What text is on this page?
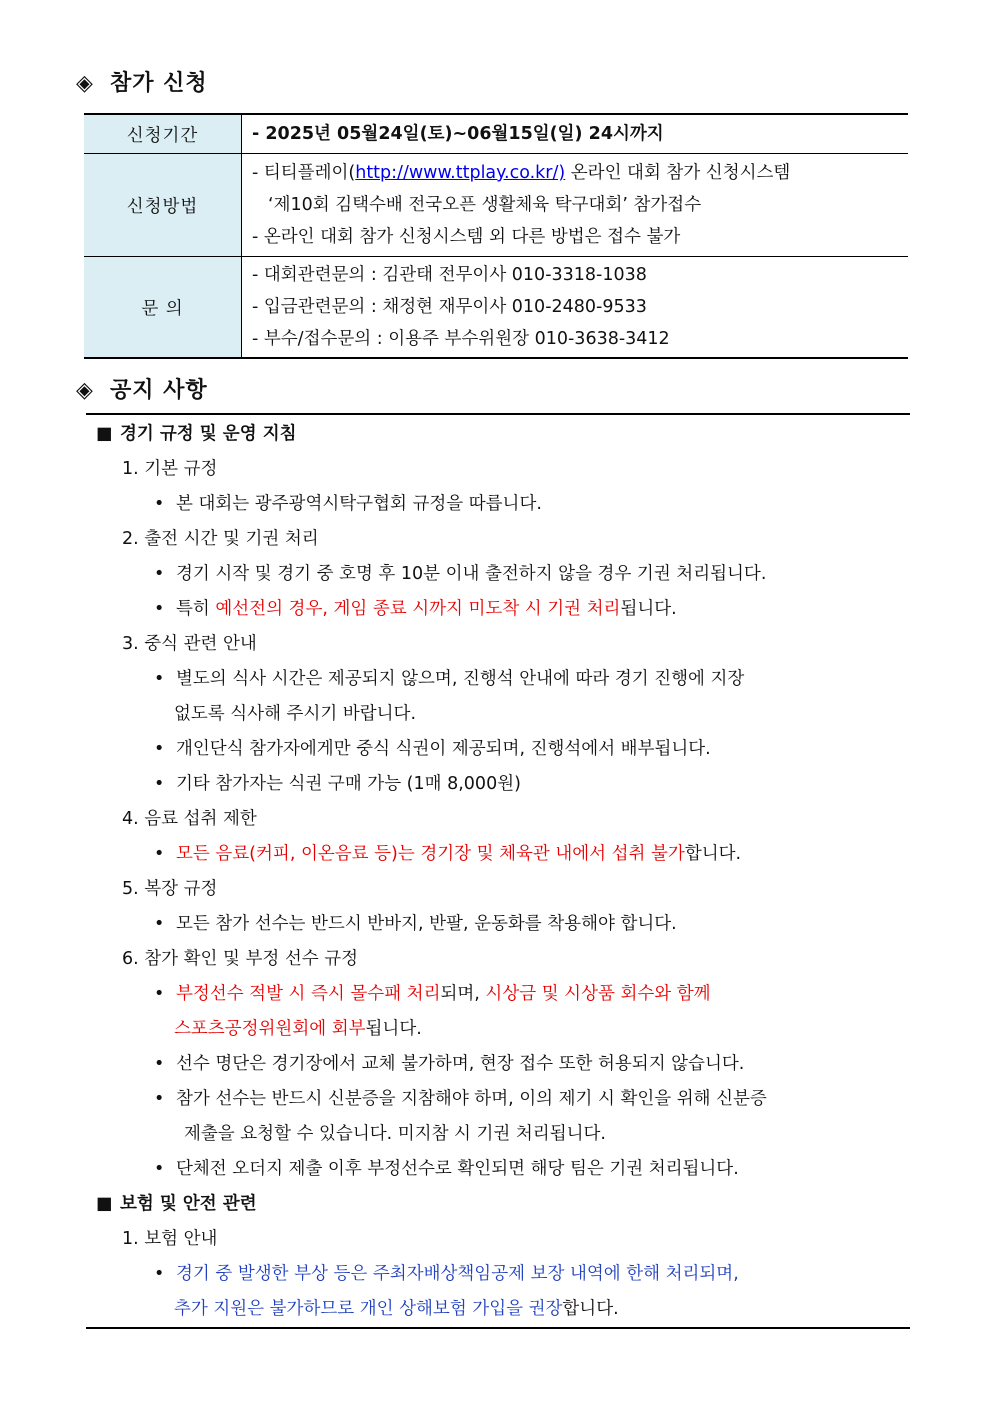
◈ 참가 신청
신청기간	- 2025년 05월24일(토)~06월15일(일) 24시까지

신청방법	- 티티플레이(http://www.ttplay.co.kr/) 온라인 대회 참가 신청시스템
‘제10회 김택수배 전국오픈 생활체육 탁구대회’ 참가접수
- 온라인 대회 참가 신청시스템 외 다른 방법은 접수 불가

문 의	- 대회관련문의 : 김관태 전무이사 010-3318-1038
- 입금관련문의 : 채정현 재무이사 010-2480-9533
- 부수/접수문의 : 이용주 부수위원장 010-3638-3412
◈ 공지 사항
■ 경기 규정 및 운영 지침
1. 기본 규정
• 본 대회는 광주광역시탁구협회 규정을 따릅니다.
2. 출전 시간 및 기권 처리
• 경기 시작 및 경기 중 호명 후 10분 이내 출전하지 않을 경우 기권 처리됩니다.
• 특히 예선전의 경우, 게임 종료 시까지 미도착 시 기권 처리됩니다.
3. 중식 관련 안내
• 별도의 식사 시간은 제공되지 않으며, 진행석 안내에 따라 경기 진행에 지장
없도록 식사해 주시기 바랍니다.
• 개인단식 참가자에게만 중식 식권이 제공되며, 진행석에서 배부됩니다.
• 기타 참가자는 식권 구매 가능 (1매 8,000원)
4. 음료 섭취 제한
• 모든 음료(커피, 이온음료 등)는 경기장 및 체육관 내에서 섭취 불가합니다.
5. 복장 규정
• 모든 참가 선수는 반드시 반바지, 반팔, 운동화를 착용해야 합니다.
6. 참가 확인 및 부정 선수 규정
• 부정선수 적발 시 즉시 몰수패 처리되며, 시상금 및 시상품 회수와 함께
스포츠공정위원회에 회부됩니다.
• 선수 명단은 경기장에서 교체 불가하며, 현장 접수 또한 허용되지 않습니다.
• 참가 선수는 반드시 신분증을 지참해야 하며, 이의 제기 시 확인을 위해 신분증
제출을 요청할 수 있습니다. 미지참 시 기권 처리됩니다.
• 단체전 오더지 제출 이후 부정선수로 확인되면 해당 팀은 기권 처리됩니다.
■ 보험 및 안전 관련
1. 보험 안내
• 경기 중 발생한 부상 등은 주최자배상책임공제 보장 내역에 한해 처리되며,
추가 지원은 불가하므로 개인 상해보험 가입을 권장합니다.
